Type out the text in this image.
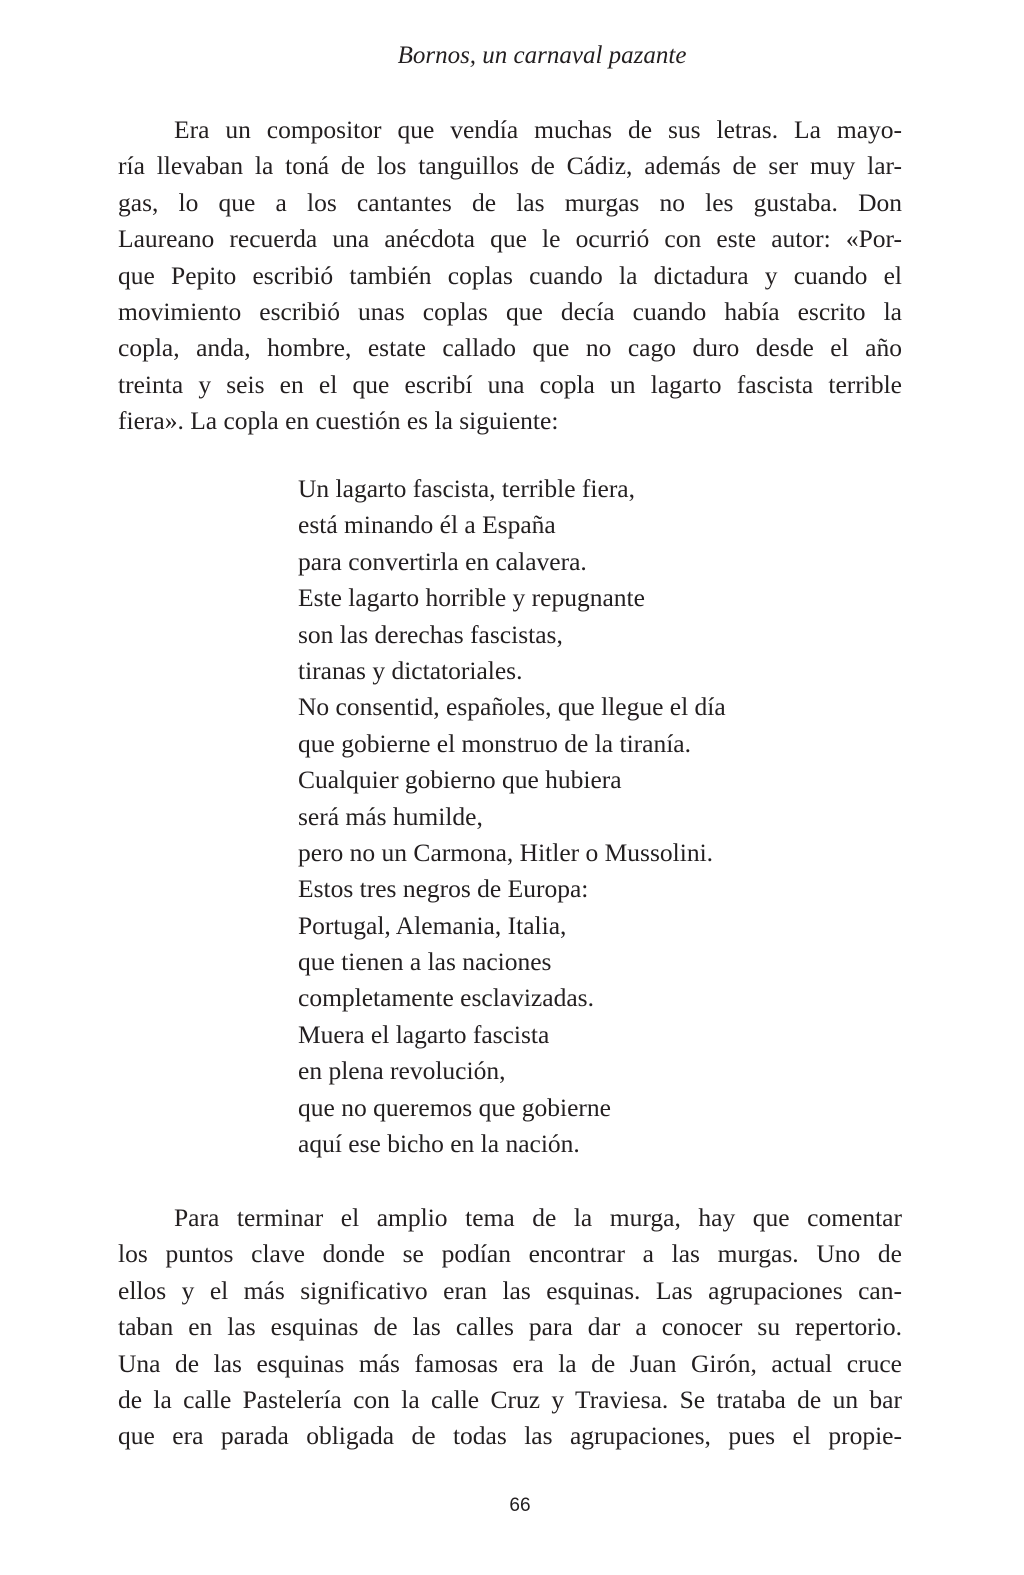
Bornos, un carnaval pazante
Era un compositor que vendía muchas de sus letras. La mayo-
ría llevaban la toná de los tanguillos de Cádiz, además de ser muy lar-
gas, lo que a los cantantes de las murgas no les gustaba. Don
Laureano recuerda una anécdota que le ocurrió con este autor: «Por-
que Pepito escribió también coplas cuando la dictadura y cuando el
movimiento escribió unas coplas que decía cuando había escrito la
copla, anda, hombre, estate callado que no cago duro desde el año
treinta y seis en el que escribí una copla un lagarto fascista terrible
fiera». La copla en cuestión es la siguiente:
Un lagarto fascista, terrible fiera,
está minando él a España
para convertirla en calavera.
Este lagarto horrible y repugnante
son las derechas fascistas,
tiranas y dictatoriales.
No consentid, españoles, que llegue el día
que gobierne el monstruo de la tiranía.
Cualquier gobierno que hubiera
será más humilde,
pero no un Carmona, Hitler o Mussolini.
Estos tres negros de Europa:
Portugal, Alemania, Italia,
que tienen a las naciones
completamente esclavizadas.
Muera el lagarto fascista
en plena revolución,
que no queremos que gobierne
aquí ese bicho en la nación.
Para terminar el amplio tema de la murga, hay que comentar
los puntos clave donde se podían encontrar a las murgas. Uno de
ellos y el más significativo eran las esquinas. Las agrupaciones can-
taban en las esquinas de las calles para dar a conocer su repertorio.
Una de las esquinas más famosas era la de Juan Girón, actual cruce
de la calle Pastelería con la calle Cruz y Traviesa. Se trataba de un bar
que era parada obligada de todas las agrupaciones, pues el propie-
66
